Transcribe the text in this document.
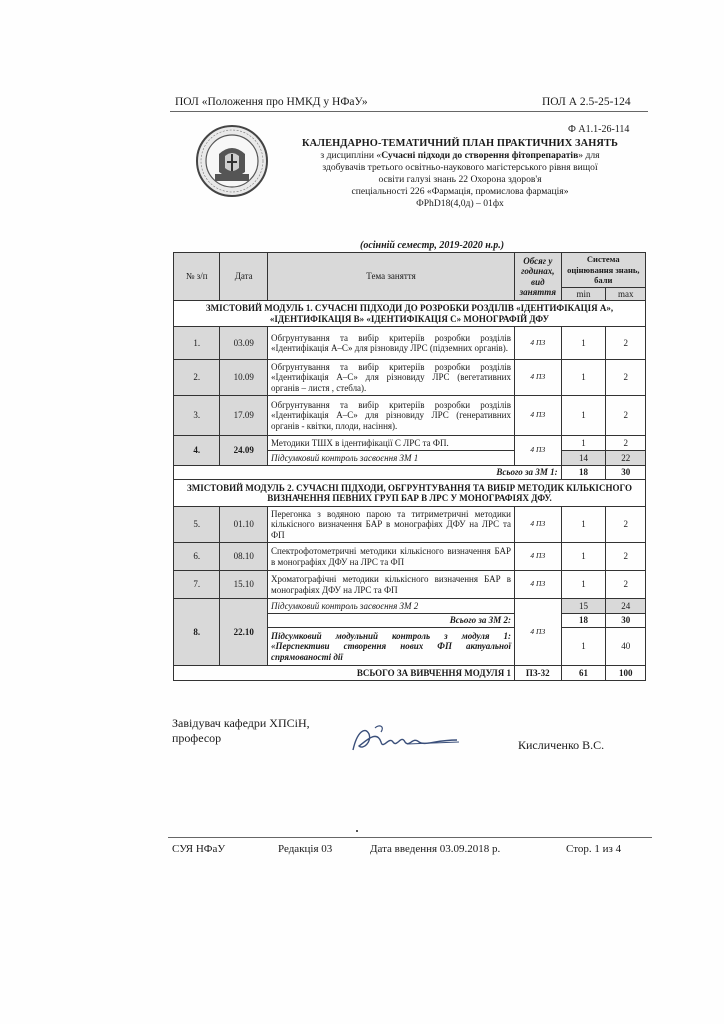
ПОЛ «Положення про НМКД у НФаУ»	ПОЛ А 2.5-25-124
Ф А1.1-26-114
КАЛЕНДАРНО-ТЕМАТИЧНИЙ ПЛАН ПРАКТИЧНИХ ЗАНЯТЬ
з дисципліни «Сучасні підходи до створення фітопрепаратів» для
здобувачів третього освітньо-наукового магістерського рівня вищої
освіти галузі знань 22 Охорона здоров'я
спеціальності 226 «Фармація, промислова фармація»
ФPhD18(4,0д) – 01фх
(осінній семестр, 2019-2020 н.р.)
№ з/п	Дата	Тема заняття	Обсяг у годинах, вид заняття	Система оцінювання знань, бали	
				min	max
ЗМІСТОВИЙ МОДУЛЬ 1. СУЧАСНІ ПІДХОДИ ДО РОЗРОБКИ РОЗДІЛІВ «ІДЕНТИФІКАЦІЯ А», «ІДЕНТИФІКАЦІЯ В» «ІДЕНТИФІКАЦІЯ С» МОНОГРАФІЙ ДФУ					
1.	03.09	Обгрунтування та вибір критеріїв розробки розділів «Ідентифікація А–С» для різновиду ЛРС (підземних органів).	4 ПЗ	1	2
2.	10.09	Обгрунтування та вибір критеріїв розробки розділів «Ідентифікація А–С» для різновиду ЛРС (вегетативних органів – листя , стебла).	4 ПЗ	1	2
3.	17.09	Обгрунтування та вибір критеріїв розробки розділів «Ідентифікація А–С» для різновиду ЛРС (генеративних органів - квітки, плоди, насіння).	4 ПЗ	1	2
4.	24.09	Методики ТШХ в ідентифікації С ЛРС та ФП.	4 ПЗ	1	2
		Підсумковий контроль засвоєння ЗМ 1		14	22
Всього за ЗМ 1:				18	30
ЗМІСТОВИЙ МОДУЛЬ 2. СУЧАСНІ ПІДХОДИ, ОБГРУНТУВАННЯ ТА ВИБІР МЕТОДИК КІЛЬКІСНОГО ВИЗНАЧЕННЯ ПЕВНИХ ГРУП БАР В ЛРС У МОНОГРАФІЯХ ДФУ.					
5.	01.10	Перегонка з водяною парою та титриметричні методики кількісного визначення БАР в монографіях ДФУ на ЛРС та ФП	4 ПЗ	1	2
6.	08.10	Спектрофотометричні методики кількісного визначення БАР в монографіях ДФУ на ЛРС та ФП	4 ПЗ	1	2
7.	15.10	Хроматографічні методики кількісного визначення БАР в монографіях ДФУ на ЛРС та ФП	4 ПЗ	1	2
8.	22.10	Підсумковий контроль засвоєння ЗМ 2	4 ПЗ	15	24
		Всього за ЗМ 2:		18	30
		Підсумковий модульний контроль з модуля 1: «Перспективи створення нових ФП актуальної спрямованості дії		1	40
ВСЬОГО ЗА ВИВЧЕННЯ МОДУЛЯ 1			ПЗ-32	61	100
Завідувач кафедри ХПСіН,
професор	Кисличенко В.С.
СУЯ НФаУ	Редакція 03	Дата введення 03.09.2018 р.	Стор. 1 из 4
